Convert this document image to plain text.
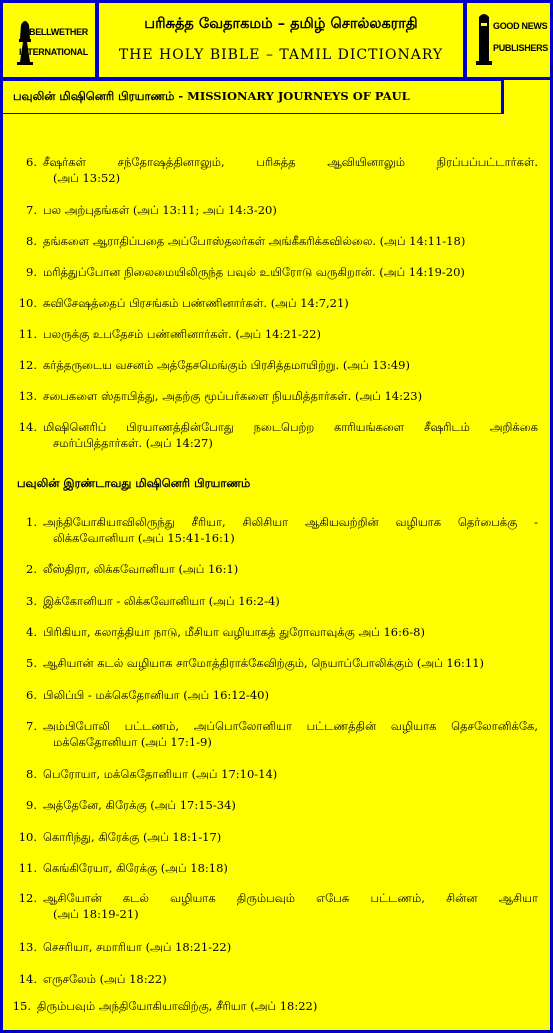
BELLWETHER
INTERNATIONAL
பரிசுத்த வேதாகமம் – தமிழ் சொல்லகராதி
THE HOLY BIBLE – TAMIL DICTIONARY
GOOD NEWS
PUBLISHERS
பவுலின் மிஷினெரி பிரயாணம் - MISSIONARY JOURNEYS OF PAUL
6. சீஷர்கள் சந்தோஷத்தினாலும், பரிசுத்த ஆவியினாலும் நிரப்பப்பட்டார்கள்.
(அப் 13:52)
7. பல அற்புதங்கள் (அப் 13:11; அப் 14:3-20)
8. தங்களை ஆராதிப்பதை அப்போஸ்தலர்கள் அங்கீகரிக்கவில்லை. (அப் 14:11-18)
9. மரித்துப்போன நிலைமையிலிருந்த பவுல் உயிரோடு வருகிறான். (அப் 14:19-20)
10. சுவிசேஷத்தைப் பிரசங்கம் பண்ணினார்கள். (அப் 14:7,21)
11. பலருக்கு உபதேசம் பண்ணினார்கள். (அப் 14:21-22)
12. கர்த்தருடைய வசனம் அத்தேசமெங்கும் பிரசித்தமாயிற்று. (அப் 13:49)
13. சபைகளை ஸ்தாபித்து, அதற்கு மூப்பர்களை நியமித்தார்கள். (அப் 14:23)
14. மிஷினெரிப் பிரயாணத்தின்போது நடைபெற்ற காரியங்களை சீஷரிடம் அறிக்கை
சமர்ப்பித்தார்கள். (அப் 14:27)
பவுலின் இரண்டாவது மிஷினெரி பிரயாணம்
1. அந்தியோகியாவிலிருந்து சீரியா, சிலிசியா ஆகியவற்றின் வழியாக தெர்பைக்கு -
லிக்கவோனியா (அப் 15:41-16:1)
2. லீஸ்திரா, லிக்கவோனியா (அப் 16:1)
3. இக்கோனியா - லிக்கவோனியா (அப் 16:2-4)
4. பிரிகியா, கலாத்தியா நாடு, மீசியா வழியாகத் துரோவாவுக்கு அப் 16:6-8)
5. ஆசியான் கடல் வழியாக சாமோத்திராக்கேவிற்கும், நெயாப்போலிக்கும் (அப் 16:11)
6. பிலிப்பி - மக்கெதோனியா (அப் 16:12-40)
7. அம்பிபோலி பட்டணம், அப்பொலோனியா பட்டணத்தின் வழியாக தெசலோனிக்கே,
மக்கெதோனியா (அப் 17:1-9)
8. பெரோயா, மக்கெதோனியா (அப் 17:10-14)
9. அத்தேனே, கிரேக்கு (அப் 17:15-34)
10. கொரிந்து, கிரேக்கு (அப் 18:1-17)
11. கெங்கிரேயா, கிரேக்கு (அப் 18:18)
12. ஆசியோன் கடல் வழியாக திரும்பவும் எபேசு பட்டணம், சின்ன ஆசியா
(அப் 18:19-21)
13. செசரியா, சமாரியா (அப் 18:21-22)
14. எருசலேம் (அப் 18:22)
15. திரும்பவும் அந்தியோகியாவிற்கு, சீரியா (அப் 18:22)
